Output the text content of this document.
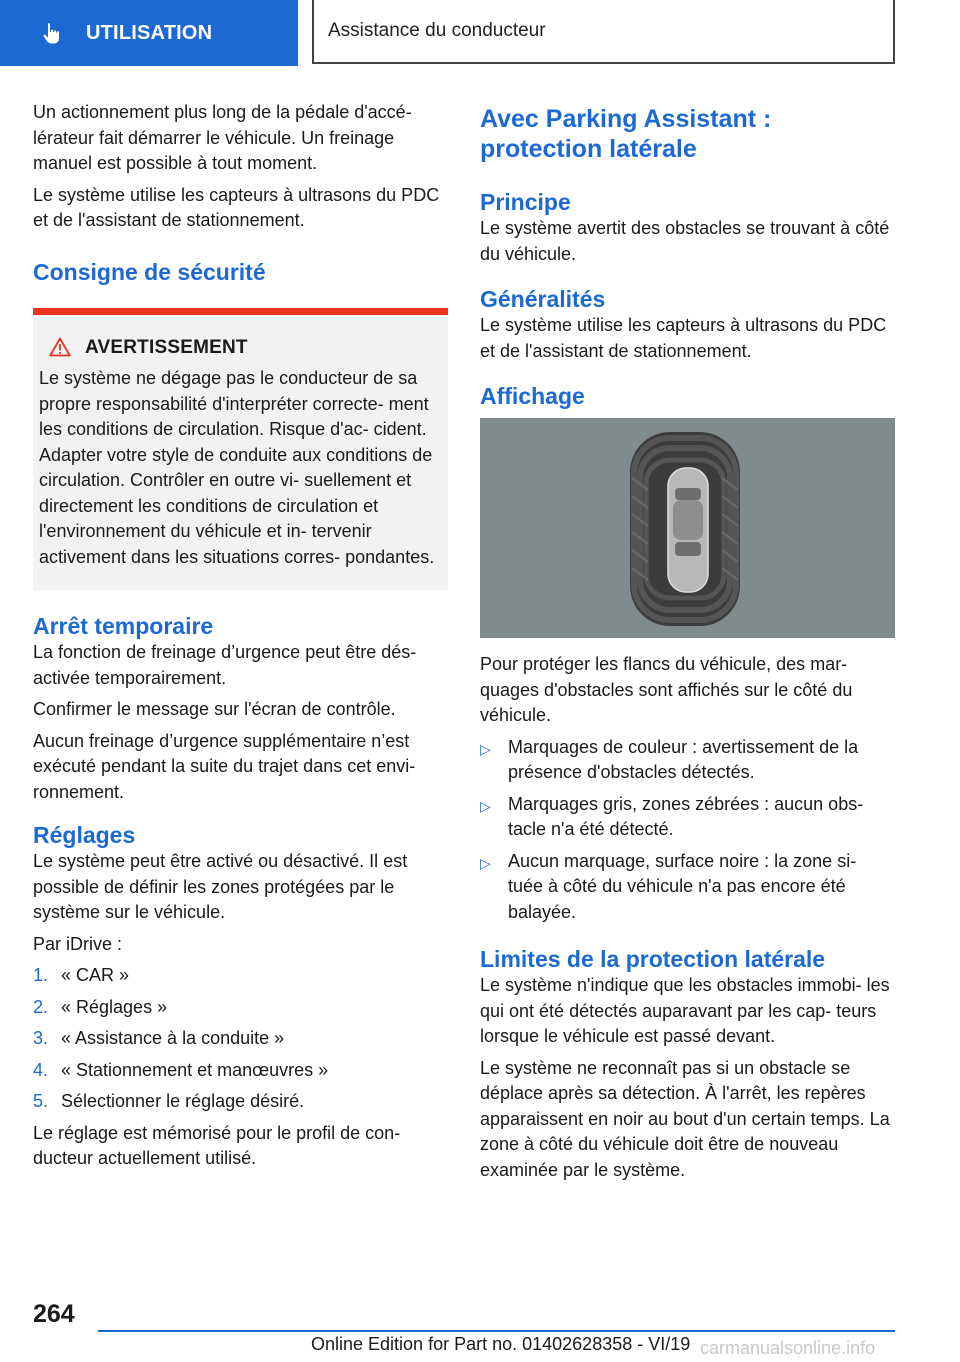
UTILISATION	Assistance du conducteur

Un actionnement plus long de la pédale d'accé- lérateur fait démarrer le véhicule. Un freinage manuel est possible à tout moment.

Le système utilise les capteurs à ultrasons du PDC et de l'assistant de stationnement.

Consigne de sécurité
AVERTISSEMENT

Le système ne dégage pas le conducteur de sa propre responsabilité d'interpréter correcte- ment les conditions de circulation. Risque d'ac- cident. Adapter votre style de conduite aux conditions de circulation. Contrôler en outre vi- suellement et directement les conditions de circulation et l'environnement du véhicule et in- tervenir activement dans les situations corres- pondantes.

Arrêt temporaire

La fonction de freinage d’urgence peut être dés- activée temporairement.

Confirmer le message sur l'écran de contrôle.

Aucun freinage d’urgence supplémentaire n’est exécuté pendant la suite du trajet dans cet envi- ronnement.

Réglages

Le système peut être activé ou désactivé. Il est possible de définir les zones protégées par le système sur le véhicule.

Par iDrive :

1. « CAR »
2. « Réglages »
3. « Assistance à la conduite »
4. « Stationnement et manœuvres »
5. Sélectionner le réglage désiré.

Le réglage est mémorisé pour le profil de con- ducteur actuellement utilisé.

Avec Parking Assistant : protection latérale
Principe

Le système avertit des obstacles se trouvant à côté du véhicule.

Généralités

Le système utilise les capteurs à ultrasons du PDC et de l'assistant de stationnement.

Affichage

Pour protéger les flancs du véhicule, des mar- quages d'obstacles sont affichés sur le côté du véhicule.

▷ Marquages de couleur : avertissement de la présence d'obstacles détectés.
▷ Marquages gris, zones zébrées : aucun obs- tacle n'a été détecté.
▷ Aucun marquage, surface noire : la zone si- tuée à côté du véhicule n'a pas encore été balayée.
Limites de la protection latérale

Le système n'indique que les obstacles immobi- les qui ont été détectés auparavant par les cap- teurs lorsque le véhicule est passé devant.

Le système ne reconnaît pas si un obstacle se déplace après sa détection. À l'arrêt, les repères apparaissent en noir au bout d'un certain temps. La zone à côté du véhicule doit être de nouveau examinée par le système.

264
Online Edition for Part no. 01402628358 - VI/19 carmanualsonline.info
